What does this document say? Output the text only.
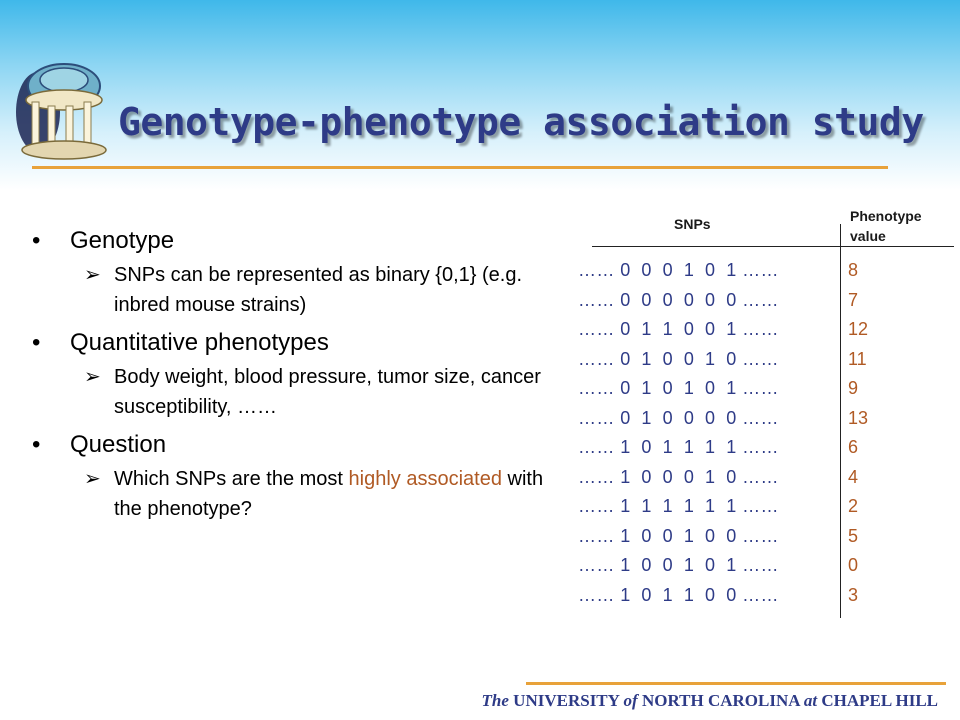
Genotype-phenotype association study
• Genotype
➢ SNPs can be represented as binary {0,1} (e.g. inbred mouse strains)
• Quantitative phenotypes
➢ Body weight, blood pressure, tumor size, cancer susceptibility, ……
• Question
➢ Which SNPs are the most highly associated with the phenotype?
SNPs	Phenotype
value
…… 0  0  0  1  0  1 ……	8
…… 0  0  0  0  0  0 ……	7
…… 0  1  1  0  0  1 ……	12
…… 0  1  0  0  1  0 ……	11
…… 0  1  0  1  0  1 ……	9
…… 0  1  0  0  0  0 ……	13
…… 1  0  1  1  1  1 ……	6
…… 1  0  0  0  1  0 ……	4
…… 1  1  1  1  1  1 ……	2
…… 1  0  0  1  0  0 ……	5
…… 1  0  0  1  0  1 ……	0
…… 1  0  1  1  0  0 ……	3
The UNIVERSITY of NORTH CAROLINA at CHAPEL HILL
